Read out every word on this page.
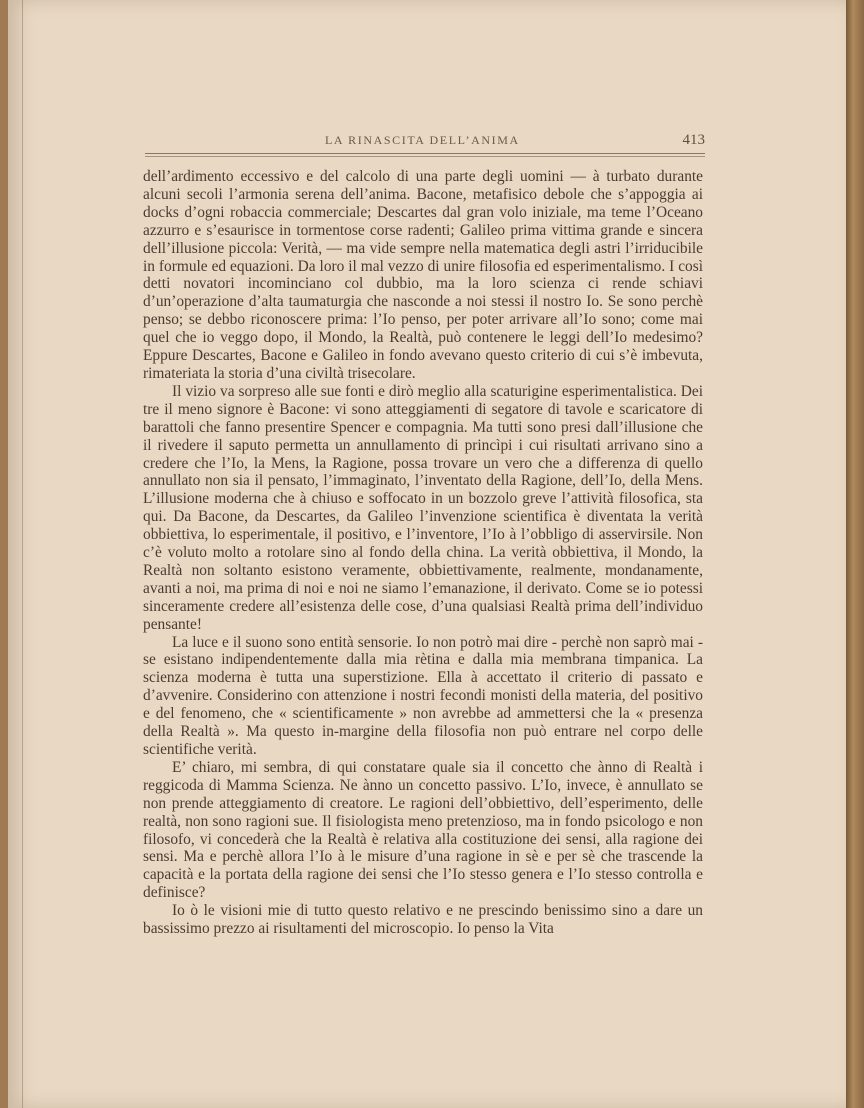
LA RINASCITA DELL’ANIMA	413

dell’ardimento eccessivo e del calcolo di una parte degli uomini — à turbato durante alcuni secoli l’armonia serena dell’anima. Bacone, metafisico debole che s’appoggia ai docks d’ogni robaccia commerciale; Descartes dal gran volo iniziale, ma teme l’Oceano azzurro e s’esaurisce in tormentose corse radenti; Galileo prima vittima grande e sincera dell’illusione piccola: Verità, — ma vide sempre nella matematica degli astri l’irriducibile in formule ed equazioni. Da loro il mal vezzo di unire filosofia ed esperimentalismo. I così detti novatori incominciano col dubbio, ma la loro scienza ci rende schiavi d’un’operazione d’alta taumaturgia che nasconde a noi stessi il nostro Io. Se sono perchè penso; se debbo riconoscere prima: l’Io penso, per poter arrivare all’Io sono; come mai quel che io veggo dopo, il Mondo, la Realtà, può contenere le leggi dell’Io medesimo? Eppure Descartes, Bacone e Galileo in fondo avevano questo criterio di cui s’è imbevuta, rimateriata la storia d’una civiltà trisecolare.

Il vizio va sorpreso alle sue fonti e dirò meglio alla scaturigine esperimentalistica. Dei tre il meno signore è Bacone: vi sono atteggiamenti di segatore di tavole e scaricatore di barattoli che fanno presentire Spencer e compagnia. Ma tutti sono presi dall’illusione che il rivedere il saputo permetta un annullamento di princìpi i cui risultati arrivano sino a credere che l’Io, la Mens, la Ragione, possa trovare un vero che a differenza di quello annullato non sia il pensato, l’immaginato, l’inventato della Ragione, dell’Io, della Mens. L’illusione moderna che à chiuso e soffocato in un bozzolo greve l’attività filosofica, sta qui. Da Bacone, da Descartes, da Galileo l’invenzione scientifica è diventata la verità obbiettiva, lo esperimentale, il positivo, e l’inventore, l’Io à l’obbligo di asservirsile. Non c’è voluto molto a rotolare sino al fondo della china. La verità obbiettiva, il Mondo, la Realtà non soltanto esistono veramente, obbiettivamente, realmente, mondanamente, avanti a noi, ma prima di noi e noi ne siamo l’emanazione, il derivato. Come se io potessi sinceramente credere all’esistenza delle cose, d’una qualsiasi Realtà prima dell’individuo pensante!

La luce e il suono sono entità sensorie. Io non potrò mai dire - perchè non saprò mai - se esistano indipendentemente dalla mia rètina e dalla mia membrana timpanica. La scienza moderna è tutta una superstizione. Ella à accettato il criterio di passato e d’avvenire. Considerino con attenzione i nostri fecondi monisti della materia, del positivo e del fenomeno, che « scientificamente » non avrebbe ad ammettersi che la « presenza della Realtà ». Ma questo in-margine della filosofia non può entrare nel corpo delle scientifiche verità.

E’ chiaro, mi sembra, di qui constatare quale sia il concetto che ànno di Realtà i reggicoda di Mamma Scienza. Ne ànno un concetto passivo. L’Io, invece, è annullato se non prende atteggiamento di creatore. Le ragioni dell’obbiettivo, dell’esperimento, delle realtà, non sono ragioni sue. Il fisiologista meno pretenzioso, ma in fondo psicologo e non filosofo, vi concederà che la Realtà è relativa alla costituzione dei sensi, alla ragione dei sensi. Ma e perchè allora l’Io à le misure d’una ragione in sè e per sè che trascende la capacità e la portata della ragione dei sensi che l’Io stesso genera e l’Io stesso controlla e definisce?

Io ò le visioni mie di tutto questo relativo e ne prescindo benissimo sino a dare un bassissimo prezzo ai risultamenti del microscopio. Io penso la Vita
